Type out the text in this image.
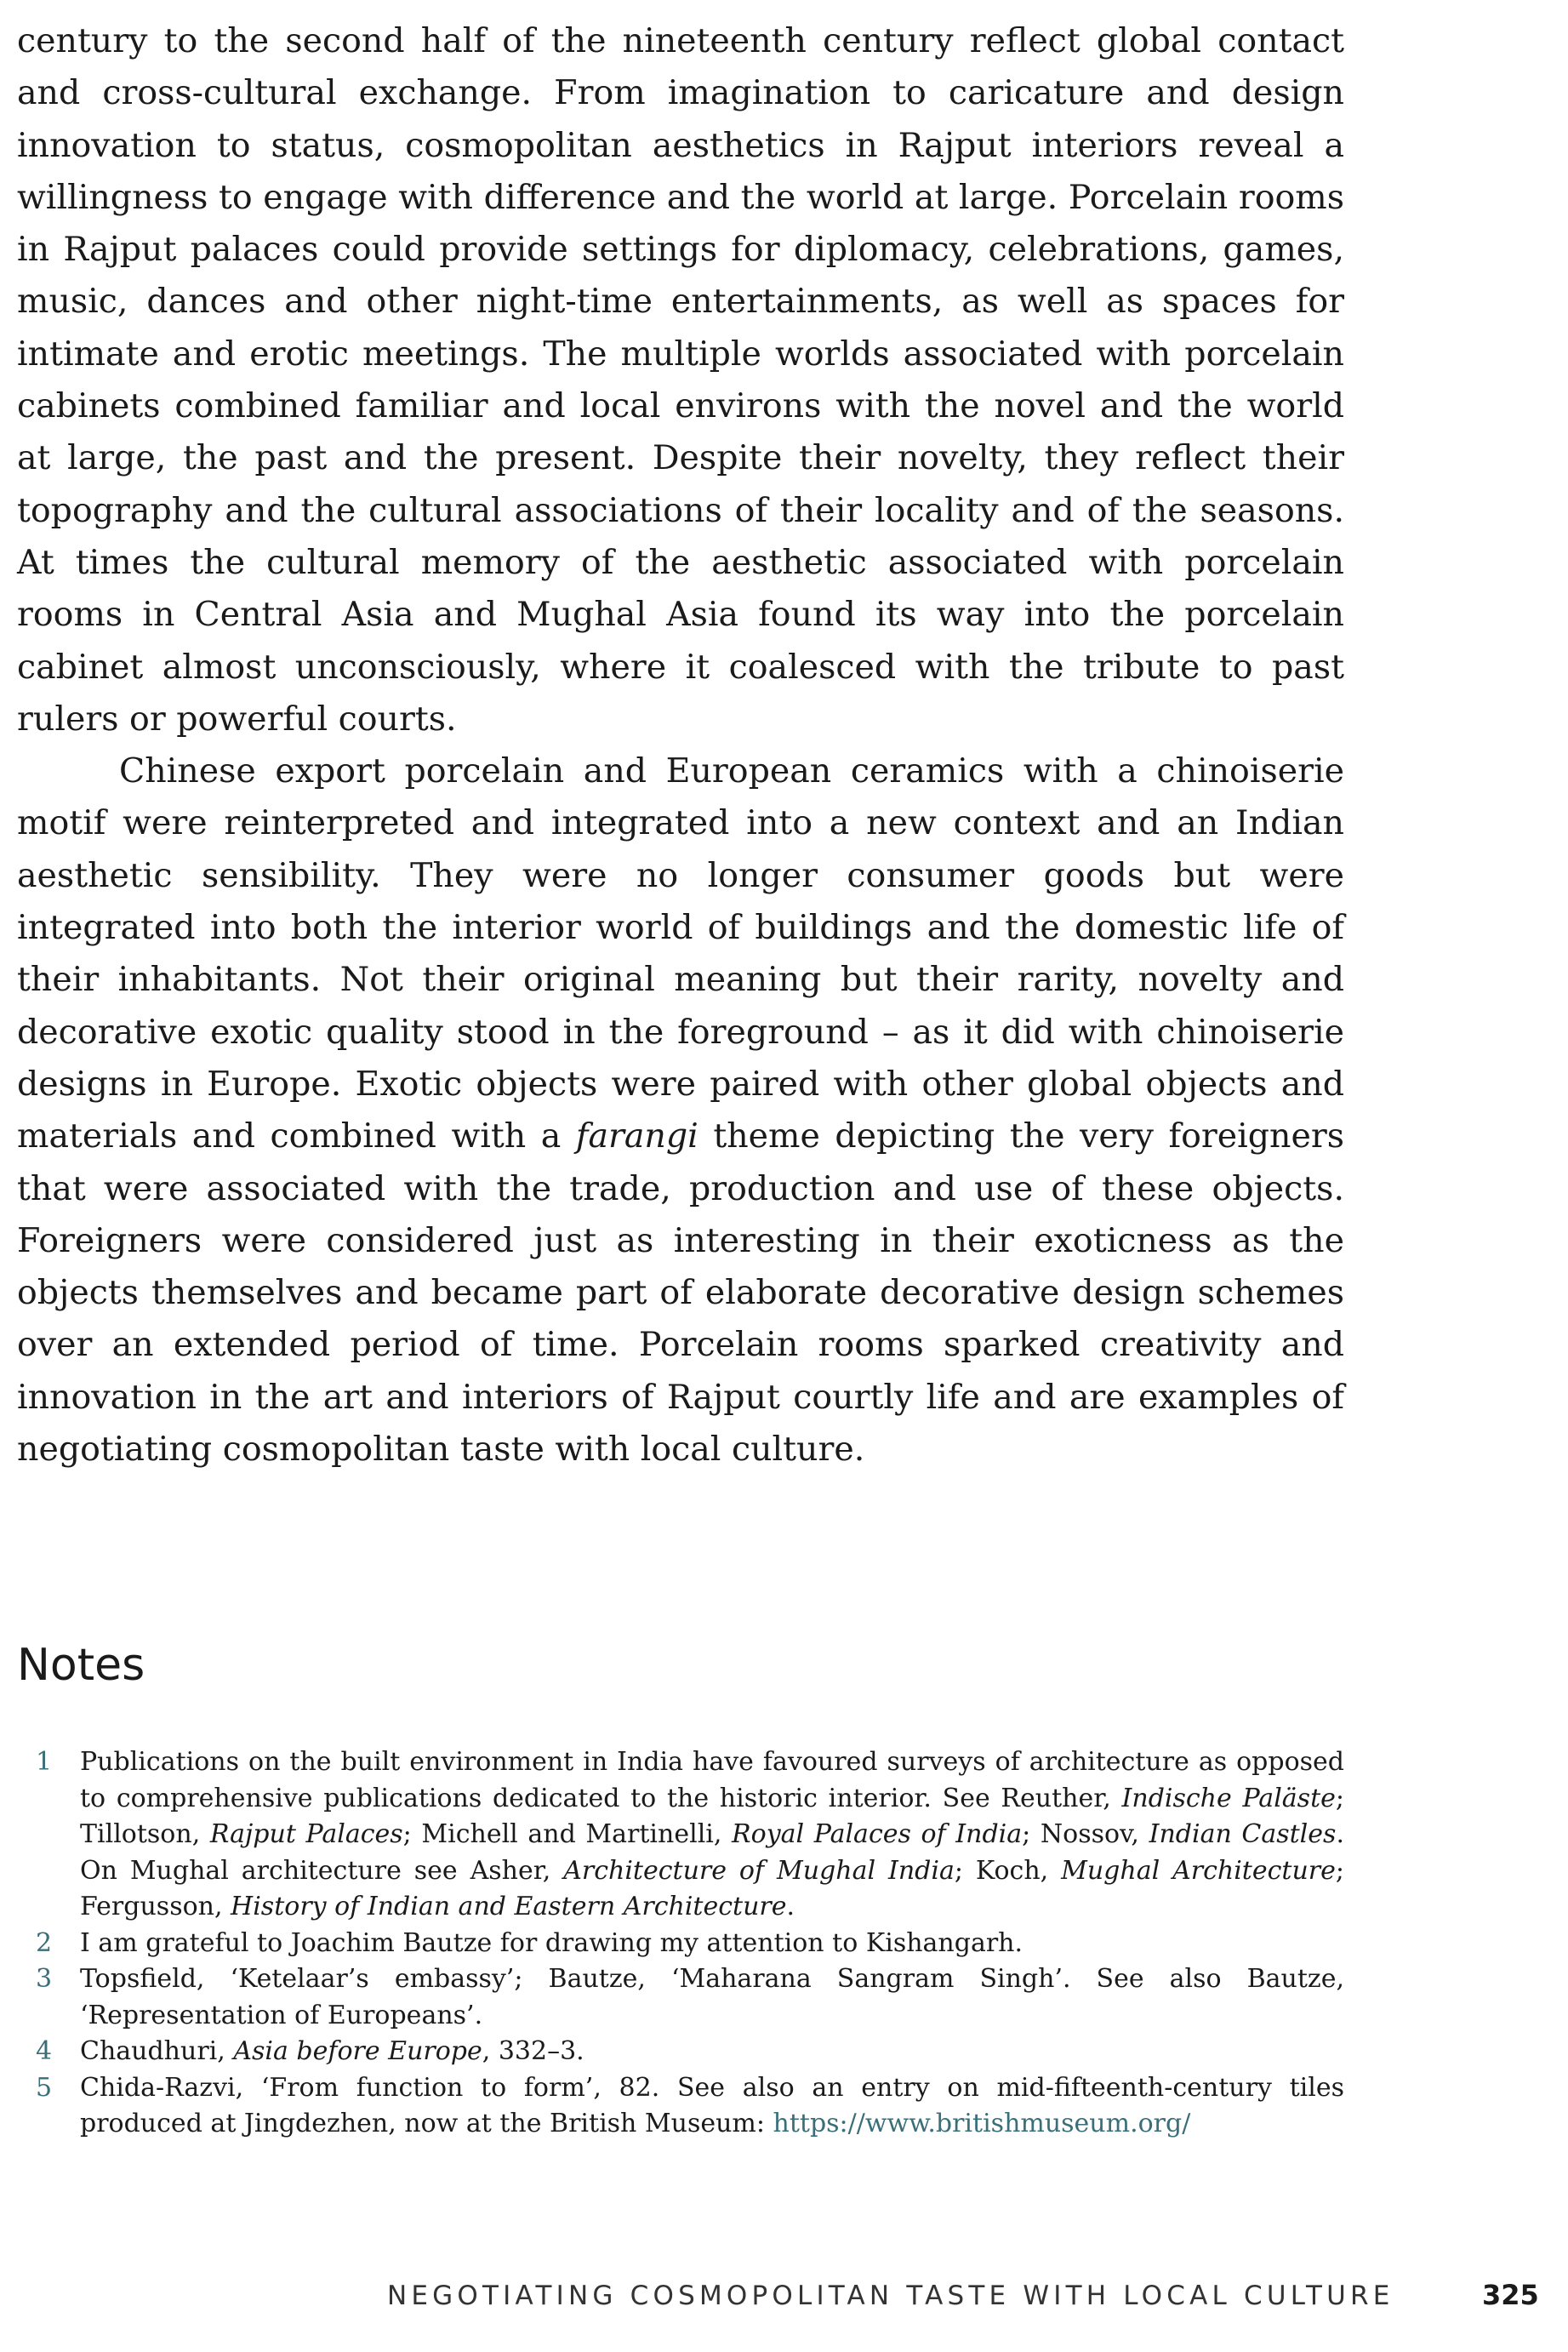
century to the second half of the nineteenth century reflect global contact and cross-cultural exchange. From imagination to caricature and design innovation to status, cosmopolitan aesthetics in Rajput interiors reveal a willingness to engage with difference and the world at large. Porcelain rooms in Rajput palaces could provide settings for diplomacy, celebrations, games, music, dances and other night-time entertainments, as well as spaces for intimate and erotic meetings. The multiple worlds associated with porcelain cabinets combined familiar and local environs with the novel and the world at large, the past and the present. Despite their novelty, they reflect their topography and the cultural associations of their locality and of the seasons. At times the cultural memory of the aesthetic associated with porcelain rooms in Central Asia and Mughal Asia found its way into the porcelain cabinet almost unconsciously, where it coalesced with the tribute to past rulers or powerful courts.

Chinese export porcelain and European ceramics with a chinoiserie motif were reinterpreted and integrated into a new context and an Indian aesthetic sensibility. They were no longer consumer goods but were integrated into both the interior world of buildings and the domestic life of their inhabitants. Not their original meaning but their rarity, novelty and decorative exotic quality stood in the foreground – as it did with chinoiserie designs in Europe. Exotic objects were paired with other global objects and materials and combined with a farangi theme depicting the very foreigners that were associated with the trade, production and use of these objects. Foreigners were considered just as interesting in their exoticness as the objects themselves and became part of elaborate decorative design schemes over an extended period of time. Porcelain rooms sparked creativity and innovation in the art and interiors of Rajput courtly life and are examples of negotiating cosmopolitan taste with local culture.

Notes
1 Publications on the built environment in India have favoured surveys of architecture as opposed to comprehensive publications dedicated to the historic interior. See Reuther, Indische Paläste; Tillotson, Rajput Palaces; Michell and Martinelli, Royal Palaces of India; Nossov, Indian Castles. On Mughal architecture see Asher, Architecture of Mughal India; Koch, Mughal Architecture; Fergusson, History of Indian and Eastern Architecture.
2 I am grateful to Joachim Bautze for drawing my attention to Kishangarh.
3 Topsfield, ‘Ketelaar’s embassy’; Bautze, ‘Maharana Sangram Singh’. See also Bautze, ‘Representation of Europeans’.
4 Chaudhuri, Asia before Europe, 332–3.
5 Chida-Razvi, ‘From function to form’, 82. See also an entry on mid-fifteenth-century tiles produced at Jingdezhen, now at the British Museum: https://www.britishmuseum.org/
NEGOTIATING COSMOPOLITAN TASTE WITH LOCAL CULTURE	325
